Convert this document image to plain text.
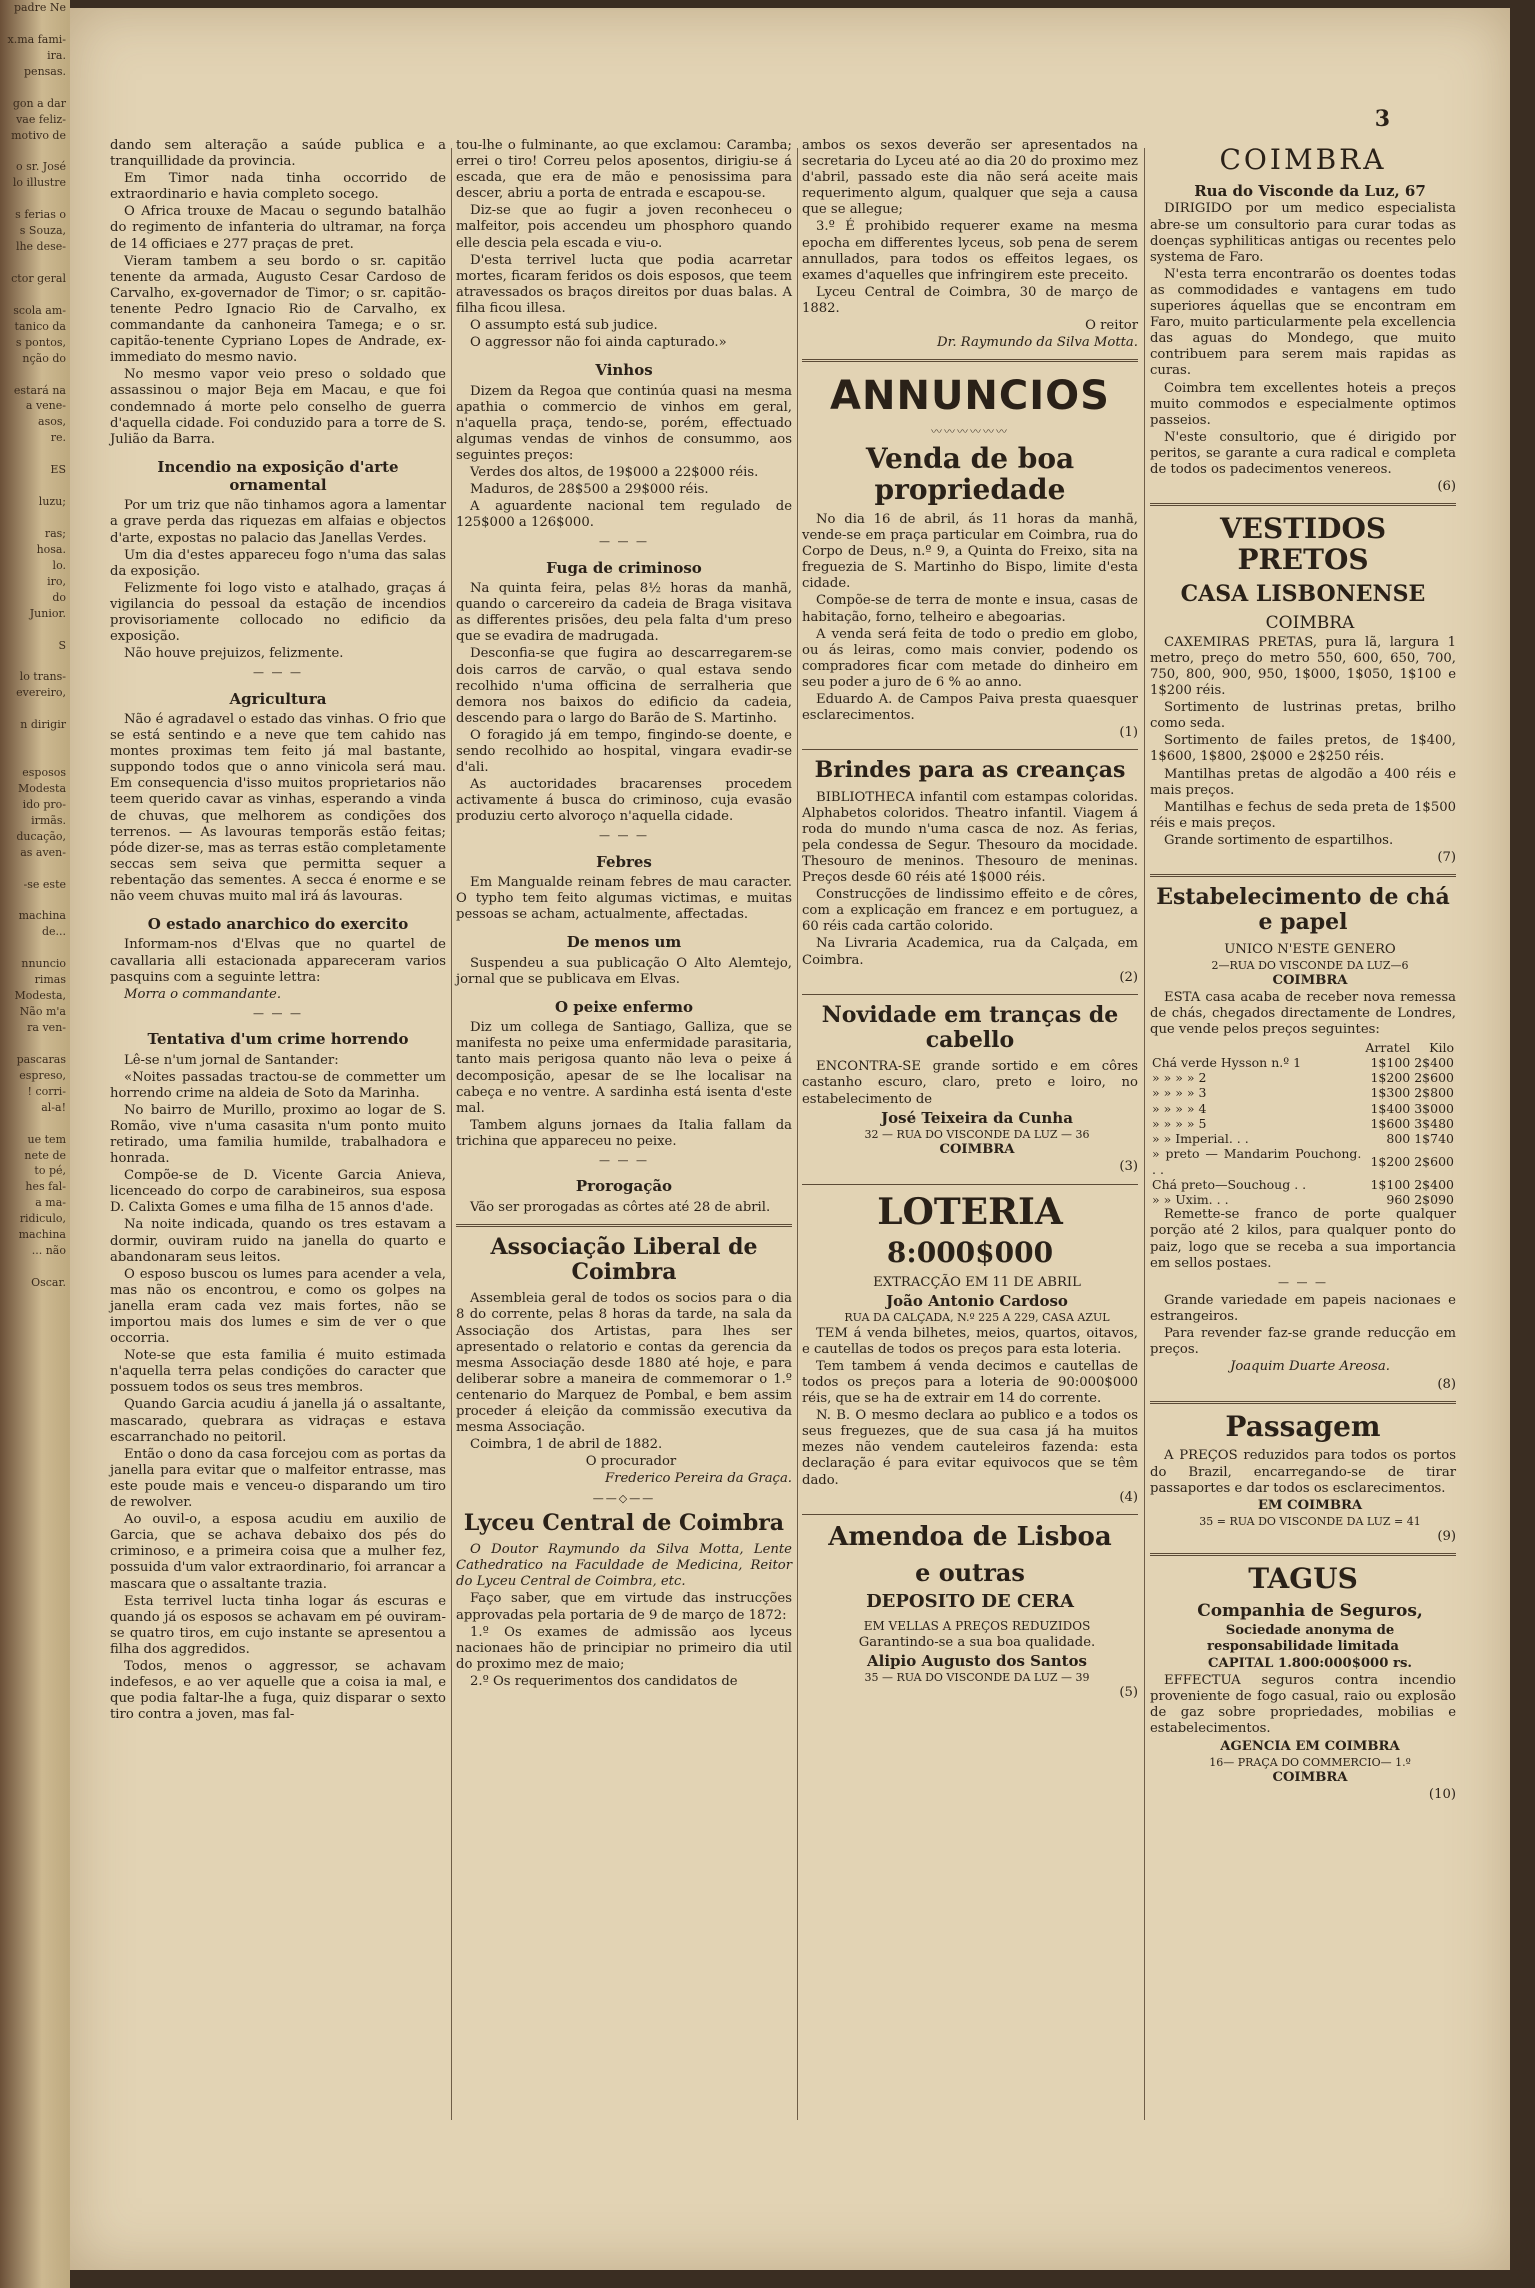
padre Ne

x.ma fami-

ira.

pensas.

gon a dar

vae feliz-

motivo de

o sr. José

lo illustre

s ferias o

s Souza,

lhe dese-

ctor geral

scola am-

tanico da

s pontos,

nção do

estará na

a vene-

asos,

re.

ES

luzu;

ras;

hosa.

lo.

iro,

do

Junior.

S

lo trans-

evereiro,

n dirigir

esposos

Modesta

ido pro-

irmãs.

ducação,

as aven-

-se este

machina

de...

nnuncio

rimas

Modesta,

Não m'a

ra ven-

pascaras

espreso,

! corri-

al-a!

ue tem

nete de

to pé,

hes fal-

a ma-

ridiculo,

machina

... não

Oscar.

3

dando sem alteração a saúde publica e a tranquillidade da provincia.

Em Timor nada tinha occorrido de extraordinario e havia completo socego.

O Africa trouxe de Macau o segundo batalhão do regimento de infanteria do ultramar, na força de 14 officiaes e 277 praças de pret.

Vieram tambem a seu bordo o sr. capitão tenente da armada, Augusto Cesar Cardoso de Carvalho, ex-governador de Timor; o sr. capitão-tenente Pedro Ignacio Rio de Carvalho, ex commandante da canhoneira Tamega; e o sr. capitão-tenente Cypriano Lopes de Andrade, ex-immediato do mesmo navio.

No mesmo vapor veio preso o soldado que assassinou o major Beja em Macau, e que foi condemnado á morte pelo conselho de guerra d'aquella cidade. Foi conduzido para a torre de S. Julião da Barra.

Incendio na exposição d'arte ornamental

Por um triz que não tinhamos agora a lamentar a grave perda das riquezas em alfaias e objectos d'arte, expostas no palacio das Janellas Verdes.

Um dia d'estes appareceu fogo n'uma das salas da exposição.

Felizmente foi logo visto e atalhado, graças á vigilancia do pessoal da estação de incendios provisoriamente collocado no edificio da exposição.

Não houve prejuizos, felizmente.

— — —
Agricultura

Não é agradavel o estado das vinhas. O frio que se está sentindo e a neve que tem cahido nas montes proximas tem feito já mal bastante, suppondo todos que o anno vinicola será mau. Em consequencia d'isso muitos proprietarios não teem querido cavar as vinhas, esperando a vinda de chuvas, que melhorem as condições dos terrenos. — As lavouras temporãs estão feitas; póde dizer-se, mas as terras estão completamente seccas sem seiva que permitta sequer a rebentação das sementes. A secca é enorme e se não veem chuvas muito mal irá ás lavouras.

O estado anarchico do exercito

Informam-nos d'Elvas que no quartel de cavallaria alli estacionada appareceram varios pasquins com a seguinte lettra:

Morra o commandante.

— — —
Tentativa d'um crime horrendo

Lê-se n'um jornal de Santander:

«Noites passadas tractou-se de commetter um horrendo crime na aldeia de Soto da Marinha.

No bairro de Murillo, proximo ao logar de S. Romão, vive n'uma casasita n'um ponto muito retirado, uma familia humilde, trabalhadora e honrada.

Compõe-se de D. Vicente Garcia Anieva, licenceado do corpo de carabineiros, sua esposa D. Calixta Gomes e uma filha de 15 annos d'ade.

Na noite indicada, quando os tres estavam a dormir, ouviram ruido na janella do quarto e abandonaram seus leitos.

O esposo buscou os lumes para acender a vela, mas não os encontrou, e como os golpes na janella eram cada vez mais fortes, não se importou mais dos lumes e sim de ver o que occorria.

Note-se que esta familia é muito estimada n'aquella terra pelas condições do caracter que possuem todos os seus tres membros.

Quando Garcia acudiu á janella já o assaltante, mascarado, quebrara as vidraças e estava escarranchado no peitoril.

Então o dono da casa forcejou com as portas da janella para evitar que o malfeitor entrasse, mas este poude mais e venceu-o disparando um tiro de rewolver.

Ao ouvil-o, a esposa acudiu em auxilio de Garcia, que se achava debaixo dos pés do criminoso, e a primeira coisa que a mulher fez, possuida d'um valor extraordinario, foi arrancar a mascara que o assaltante trazia.

Esta terrivel lucta tinha logar ás escuras e quando já os esposos se achavam em pé ouviram-se quatro tiros, em cujo instante se apresentou a filha dos aggredidos.

Todos, menos o aggressor, se achavam indefesos, e ao ver aquelle que a coisa ia mal, e que podia faltar-lhe a fuga, quiz disparar o sexto tiro contra a joven, mas fal-

tou-lhe o fulminante, ao que exclamou: Caramba; errei o tiro! Correu pelos aposentos, dirigiu-se á escada, que era de mão e penosissima para descer, abriu a porta de entrada e escapou-se.

Diz-se que ao fugir a joven reconheceu o malfeitor, pois accendeu um phosphoro quando elle descia pela escada e viu-o.

D'esta terrivel lucta que podia acarretar mortes, ficaram feridos os dois esposos, que teem atravessados os braços direitos por duas balas. A filha ficou illesa.

O assumpto está sub judice.

O aggressor não foi ainda capturado.»

Vinhos

Dizem da Regoa que continúa quasi na mesma apathia o commercio de vinhos em geral, n'aquella praça, tendo-se, porém, effectuado algumas vendas de vinhos de consummo, aos seguintes preços:

Verdes dos altos, de 19$000 a 22$000 réis.

Maduros, de 28$500 a 29$000 réis.

A aguardente nacional tem regulado de 125$000 a 126$000.

— — —
Fuga de criminoso

Na quinta feira, pelas 8½ horas da manhã, quando o carcereiro da cadeia de Braga visitava as differentes prisões, deu pela falta d'um preso que se evadira de madrugada.

Desconfia-se que fugira ao descarregarem-se dois carros de carvão, o qual estava sendo recolhido n'uma officina de serralheria que demora nos baixos do edificio da cadeia, descendo para o largo do Barão de S. Martinho.

O foragido já em tempo, fingindo-se doente, e sendo recolhido ao hospital, vingara evadir-se d'ali.

As auctoridades bracarenses procedem activamente á busca do criminoso, cuja evasão produziu certo alvoroço n'aquella cidade.

— — —
Febres

Em Mangualde reinam febres de mau caracter. O typho tem feito algumas victimas, e muitas pessoas se acham, actualmente, affectadas.

De menos um

Suspendeu a sua publicação O Alto Alemtejo, jornal que se publicava em Elvas.

O peixe enfermo

Diz um collega de Santiago, Galliza, que se manifesta no peixe uma enfermidade parasitaria, tanto mais perigosa quanto não leva o peixe á decomposição, apesar de se lhe localisar na cabeça e no ventre. A sardinha está isenta d'este mal.

Tambem alguns jornaes da Italia fallam da trichina que appareceu no peixe.

— — —
Prorogação

Vão ser prorogadas as côrtes até 28 de abril.

Associação Liberal de Coimbra

Assembleia geral de todos os socios para o dia 8 do corrente, pelas 8 horas da tarde, na sala da Associação dos Artistas, para lhes ser apresentado o relatorio e contas da gerencia da mesma Associação desde 1880 até hoje, e para deliberar sobre a maneira de commemorar o 1.º centenario do Marquez de Pombal, e bem assim proceder á eleição da commissão executiva da mesma Associação.

Coimbra, 1 de abril de 1882.

O procurador

Frederico Pereira da Graça.

——◇——
Lyceu Central de Coimbra

O Doutor Raymundo da Silva Motta, Lente Cathedratico na Faculdade de Medicina, Reitor do Lyceu Central de Coimbra, etc.

Faço saber, que em virtude das instrucções approvadas pela portaria de 9 de março de 1872:

1.º Os exames de admissão aos lyceus nacionaes hão de principiar no primeiro dia util do proximo mez de maio;

2.º Os requerimentos dos candidatos de

ambos os sexos deverão ser apresentados na secretaria do Lyceu até ao dia 20 do proximo mez d'abril, passado este dia não será aceite mais requerimento algum, qualquer que seja a causa que se allegue;

3.º É prohibido requerer exame na mesma epocha em differentes lyceus, sob pena de serem annullados, para todos os effeitos legaes, os exames d'aquelles que infringirem este preceito.

Lyceu Central de Coimbra, 30 de março de 1882.

O reitor

Dr. Raymundo da Silva Motta.

ANNUNCIOS
〰〰〰〰〰〰
Venda de boa propriedade

No dia 16 de abril, ás 11 horas da manhã, vende-se em praça particular em Coimbra, rua do Corpo de Deus, n.º 9, a Quinta do Freixo, sita na freguezia de S. Martinho do Bispo, limite d'esta cidade.

Compõe-se de terra de monte e insua, casas de habitação, forno, telheiro e abegoarias.

A venda será feita de todo o predio em globo, ou ás leiras, como mais convier, podendo os compradores ficar com metade do dinheiro em seu poder a juro de 6 % ao anno.

Eduardo A. de Campos Paiva presta quaesquer esclarecimentos.

(1)

Brindes para as creanças

BIBLIOTHECA infantil com estampas coloridas. Alphabetos coloridos. Theatro infantil. Viagem á roda do mundo n'uma casca de noz. As ferias, pela condessa de Segur. Thesouro da mocidade. Thesouro de meninos. Thesouro de meninas. Preços desde 60 réis até 1$000 réis.

Construcções de lindissimo effeito e de côres, com a explicação em francez e em portuguez, a 60 réis cada cartão colorido.

Na Livraria Academica, rua da Calçada, em Coimbra.

(2)

Novidade em tranças de cabello

ENCONTRA-SE grande sortido e em côres castanho escuro, claro, preto e loiro, no estabelecimento de

José Teixeira da Cunha

32 — RUA DO VISCONDE DA LUZ — 36

COIMBRA

(3)

LOTERIA
8:000$000

EXTRACÇÃO EM 11 DE ABRIL

João Antonio Cardoso

RUA DA CALÇADA, N.º 225 A 229, CASA AZUL

TEM á venda bilhetes, meios, quartos, oitavos, e cautellas de todos os preços para esta loteria.

Tem tambem á venda decimos e cautellas de todos os preços para a loteria de 90:000$000 réis, que se ha de extrair em 14 do corrente.

N. B. O mesmo declara ao publico e a todos os seus freguezes, que de sua casa já ha muitos mezes não vendem cauteleiros fazenda: esta declaração é para evitar equivocos que se têm dado.

(4)

Amendoa de Lisboa
e outras
DEPOSITO DE CERA

EM VELLAS A PREÇOS REDUZIDOS

Garantindo-se a sua boa qualidade.

Alipio Augusto dos Santos

35 — RUA DO VISCONDE DA LUZ — 39

(5)

COIMBRA

Rua do Visconde da Luz, 67

DIRIGIDO por um medico especialista abre-se um consultorio para curar todas as doenças syphiliticas antigas ou recentes pelo systema de Faro.

N'esta terra encontrarão os doentes todas as commodidades e vantagens em tudo superiores áquellas que se encontram em Faro, muito particularmente pela excellencia das aguas do Mondego, que muito contribuem para serem mais rapidas as curas.

Coimbra tem excellentes hoteis a preços muito commodos e especialmente optimos passeios.

N'este consultorio, que é dirigido por peritos, se garante a cura radical e completa de todos os padecimentos venereos.

(6)

VESTIDOS PRETOS
CASA LISBONENSE

COIMBRA

CAXEMIRAS PRETAS, pura lã, largura 1 metro, preço do metro 550, 600, 650, 700, 750, 800, 900, 950, 1$000, 1$050, 1$100 e 1$200 réis.

Sortimento de lustrinas pretas, brilho como seda.

Sortimento de failes pretos, de 1$400, 1$600, 1$800, 2$000 e 2$250 réis.

Mantilhas pretas de algodão a 400 réis e mais preços.

Mantilhas e fechus de seda preta de 1$500 réis e mais preços.

Grande sortimento de espartilhos.

(7)

Estabelecimento de chá e papel

UNICO N'ESTE GENERO

2—RUA DO VISCONDE DA LUZ—6

COIMBRA

ESTA casa acaba de receber nova remessa de chás, chegados directamente de Londres, que vende pelos preços seguintes:

	Arratel	Kilo
Chá verde Hysson n.º 1	1$100	2$400
» » » » 2	1$200	2$600
» » » » 3	1$300	2$800
» » » » 4	1$400	3$000
» » » » 5	1$600	3$480
» » Imperial. . .	800	1$740
» preto — Mandarim Pouchong. . .	1$200	2$600
Chá preto—Souchoug . .	1$100	2$400
» » Uxim. . .	960	2$090

Remette-se franco de porte qualquer porção até 2 kilos, para qualquer ponto do paiz, logo que se receba a sua importancia em sellos postaes.

— — —

Grande variedade em papeis nacionaes e estrangeiros.

Para revender faz-se grande reducção em preços.

Joaquim Duarte Areosa.

(8)

Passagem

A PREÇOS reduzidos para todos os portos do Brazil, encarregando-se de tirar passaportes e dar todos os esclarecimentos.

EM COIMBRA

35 = RUA DO VISCONDE DA LUZ = 41

(9)

TAGUS

Companhia de Seguros,

Sociedade anonyma de responsabilidade limitada

CAPITAL 1.800:000$000 rs.

EFFECTUA seguros contra incendio proveniente de fogo casual, raio ou explosão de gaz sobre propriedades, mobilias e estabelecimentos.

AGENCIA EM COIMBRA

16— PRAÇA DO COMMERCIO— 1.º

COIMBRA

(10)
